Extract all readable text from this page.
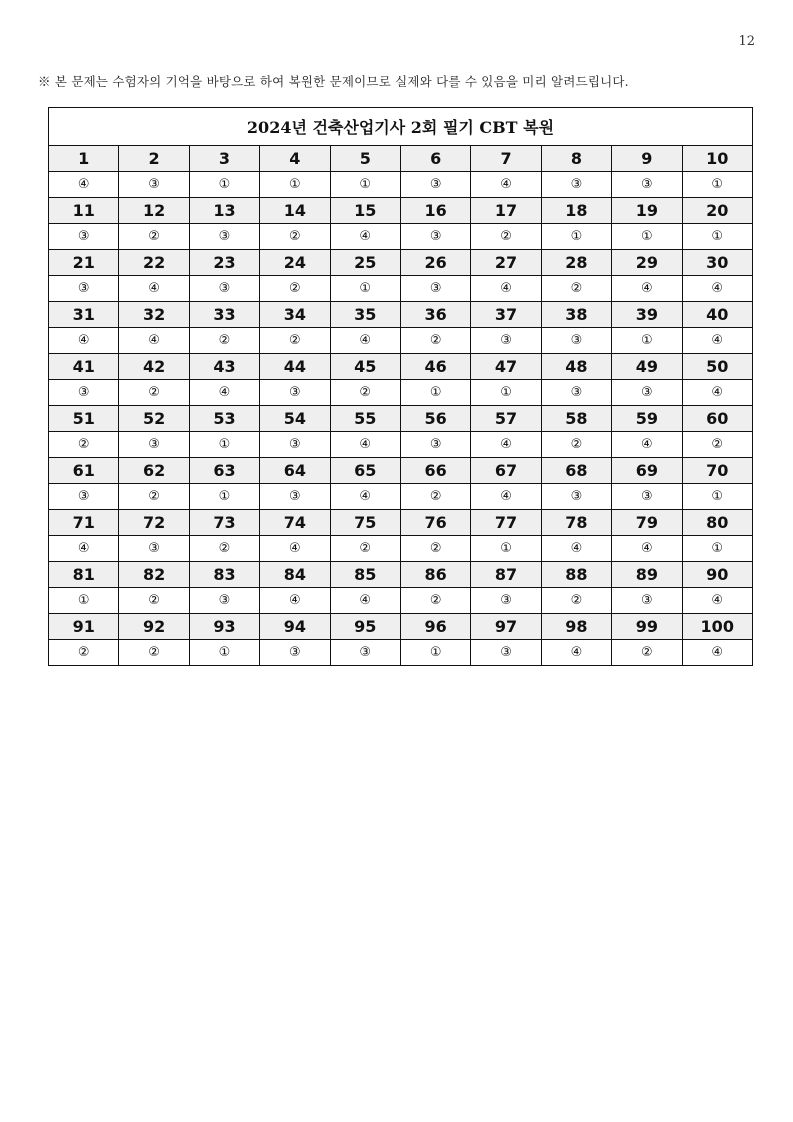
12
※ 본 문제는 수험자의 기억을 바탕으로 하여 복원한 문제이므로 실제와 다를 수 있음을 미리 알려드립니다.
2024년 건축산업기사 2회 필기 CBT 복원									
1	2	3	4	5	6	7	8	9	10
④	③	①	①	①	③	④	③	③	①
11	12	13	14	15	16	17	18	19	20
③	②	③	②	④	③	②	①	①	①
21	22	23	24	25	26	27	28	29	30
③	④	③	②	①	③	④	②	④	④
31	32	33	34	35	36	37	38	39	40
④	④	②	②	④	②	③	③	①	④
41	42	43	44	45	46	47	48	49	50
③	②	④	③	②	①	①	③	③	④
51	52	53	54	55	56	57	58	59	60
②	③	①	③	④	③	④	②	④	②
61	62	63	64	65	66	67	68	69	70
③	②	①	③	④	②	④	③	③	①
71	72	73	74	75	76	77	78	79	80
④	③	②	④	②	②	①	④	④	①
81	82	83	84	85	86	87	88	89	90
①	②	③	④	④	②	③	②	③	④
91	92	93	94	95	96	97	98	99	100
②	②	①	③	③	①	③	④	②	④
